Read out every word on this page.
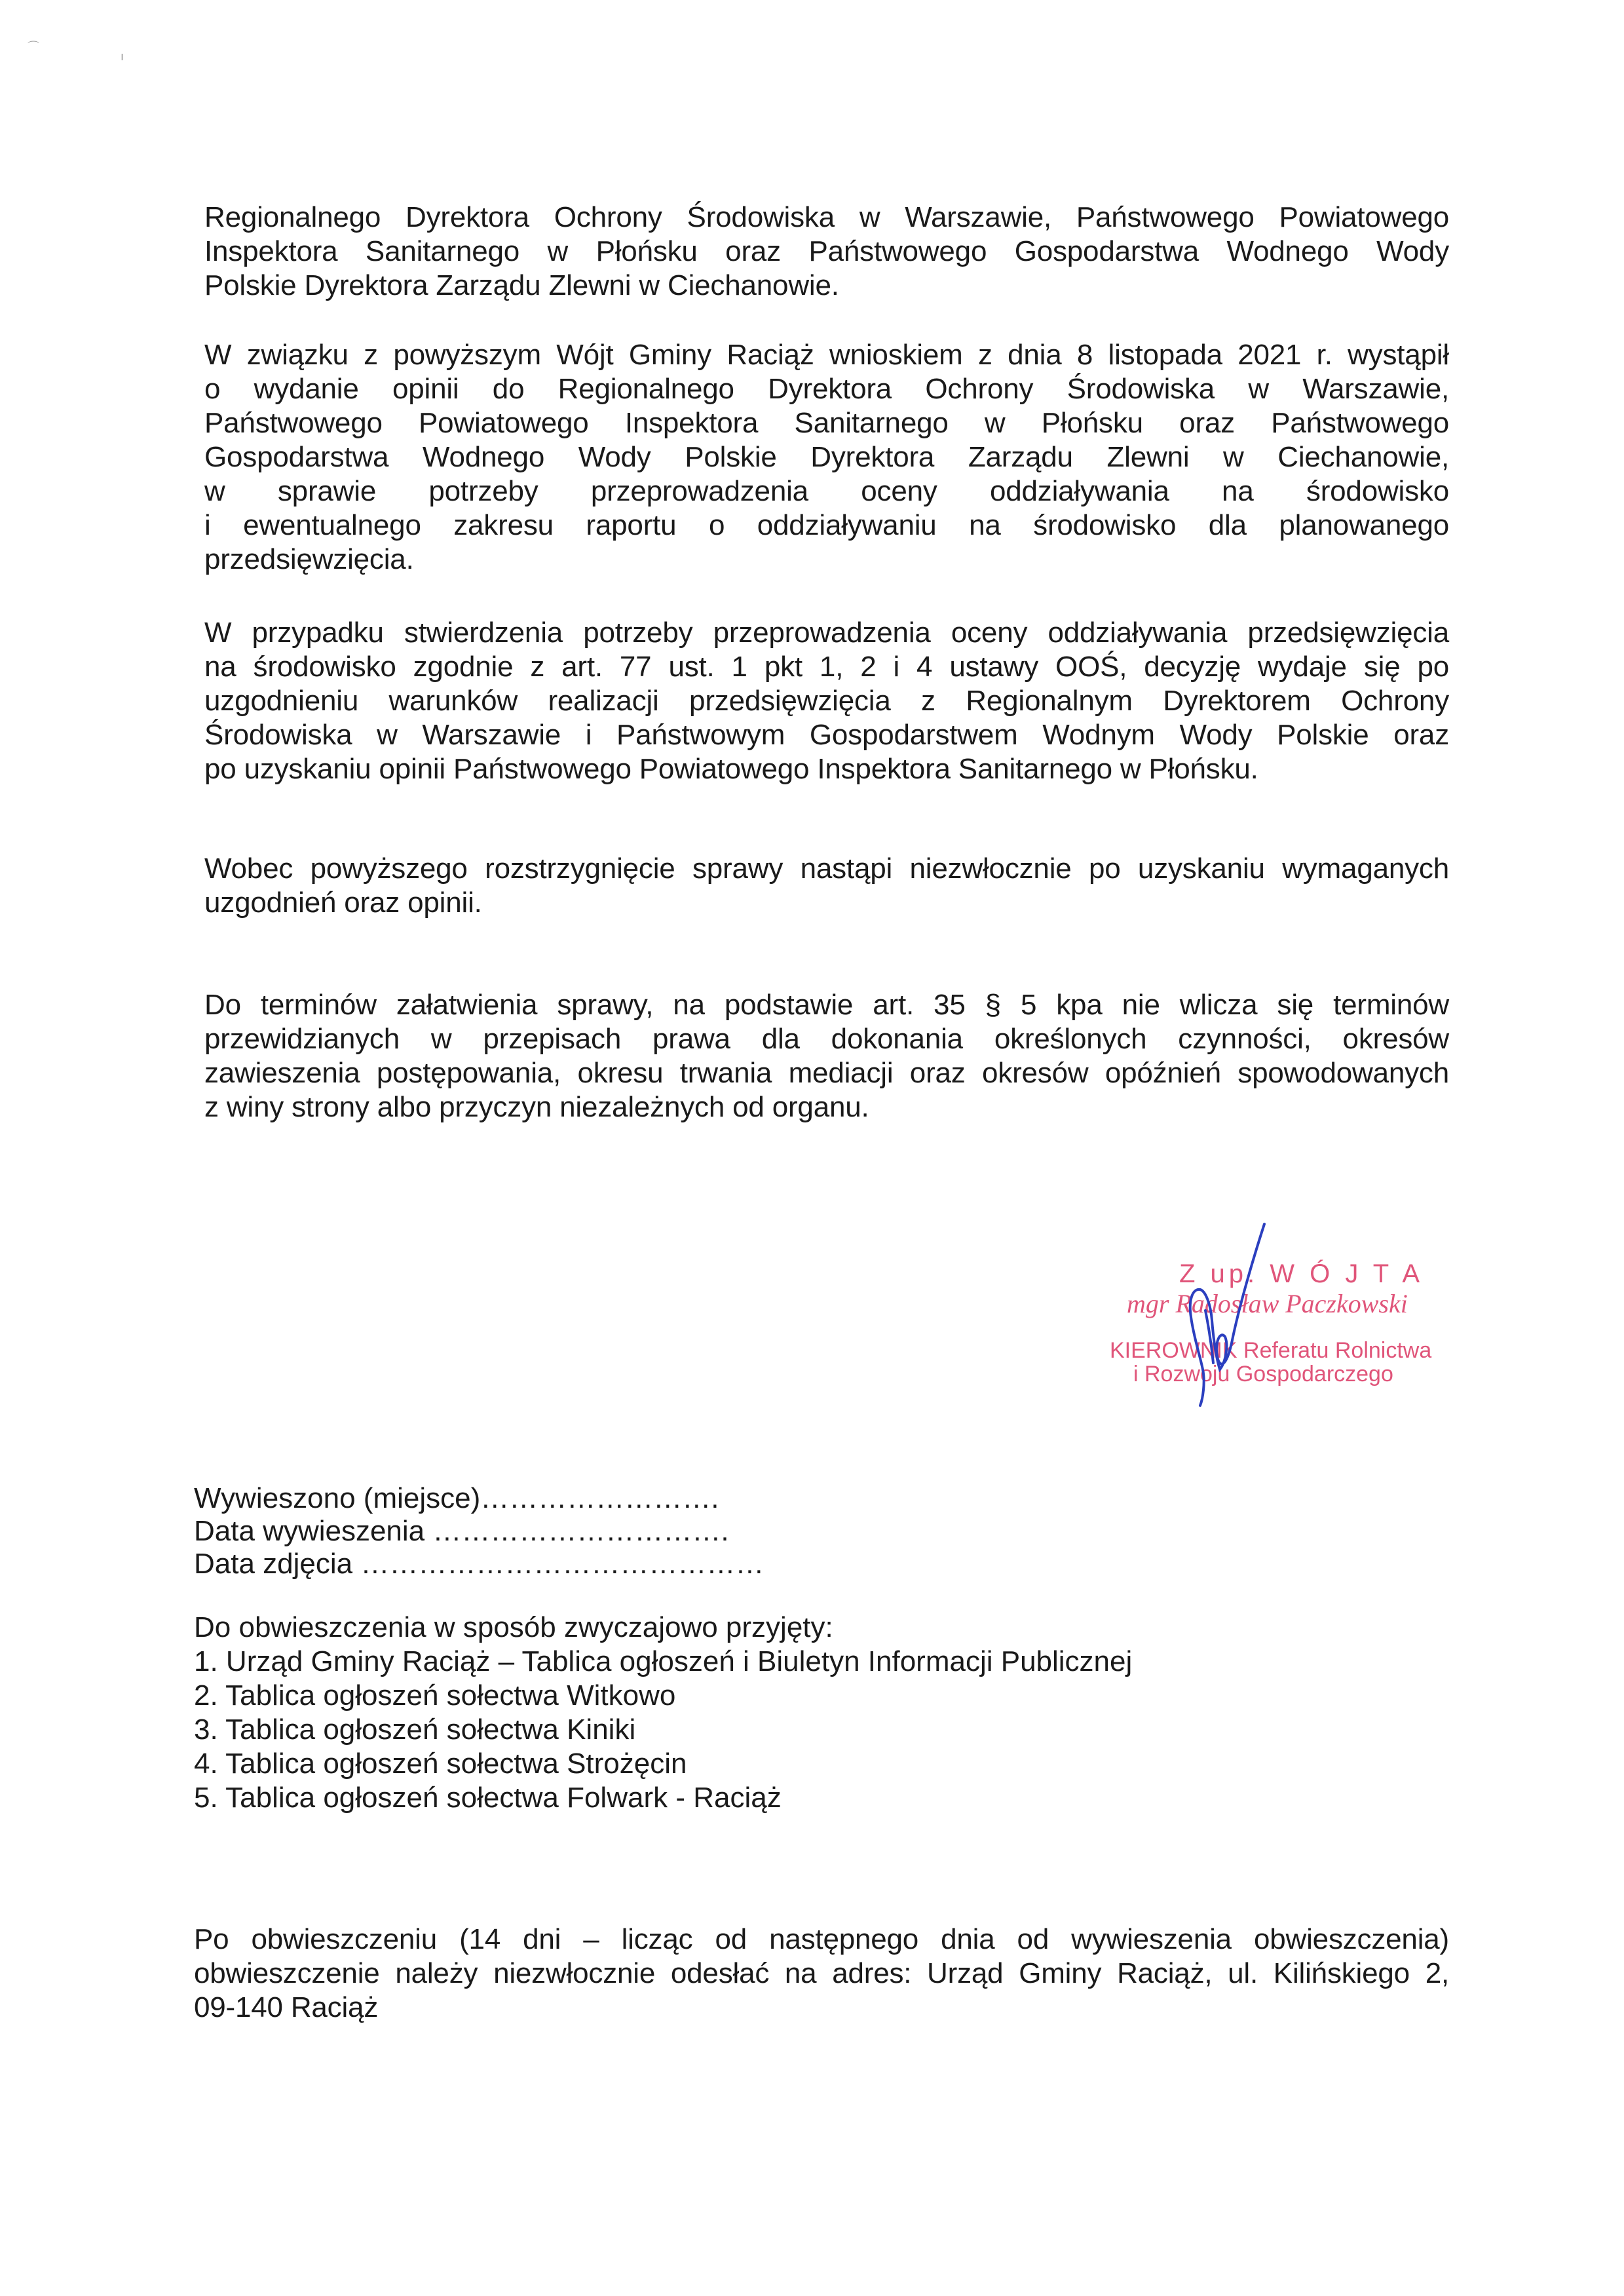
⌒
ı
Regionalnego Dyrektora Ochrony Środowiska w Warszawie, Państwowego Powiatowego
Inspektora Sanitarnego w Płońsku oraz Państwowego Gospodarstwa Wodnego Wody
Polskie Dyrektora Zarządu Zlewni w Ciechanowie.
W związku z powyższym Wójt Gminy Raciąż wnioskiem z dnia 8 listopada 2021 r. wystąpił
o wydanie opinii do Regionalnego Dyrektora Ochrony Środowiska w Warszawie,
Państwowego Powiatowego Inspektora Sanitarnego w Płońsku oraz Państwowego
Gospodarstwa Wodnego Wody Polskie Dyrektora Zarządu Zlewni w Ciechanowie,
w sprawie potrzeby przeprowadzenia oceny oddziaływania na środowisko
i ewentualnego zakresu raportu o oddziaływaniu na środowisko dla planowanego
przedsięwzięcia.
W przypadku stwierdzenia potrzeby przeprowadzenia oceny oddziaływania przedsięwzięcia
na środowisko zgodnie z art. 77 ust. 1 pkt 1, 2 i 4 ustawy OOŚ, decyzję wydaje się po
uzgodnieniu warunków realizacji przedsięwzięcia z Regionalnym Dyrektorem Ochrony
Środowiska w Warszawie i Państwowym Gospodarstwem Wodnym Wody Polskie oraz
po uzyskaniu opinii Państwowego Powiatowego Inspektora Sanitarnego w Płońsku.
Wobec powyższego rozstrzygnięcie sprawy nastąpi niezwłocznie po uzyskaniu wymaganych
uzgodnień oraz opinii.
Do terminów załatwienia sprawy, na podstawie art. 35 § 5 kpa nie wlicza się terminów
przewidzianych w przepisach prawa dla dokonania określonych czynności, okresów
zawieszenia postępowania, okresu trwania mediacji oraz okresów opóźnień spowodowanych
z winy strony albo przyczyn niezależnych od organu.
Z up. W Ó J T A
mgr Radosław Paczkowski
KIEROWNIK Referatu Rolnictwa
i Rozwoju Gospodarczego
Wywieszono (miejsce)…………………….
Data wywieszenia ………………………….
Data zdjęcia ……………………………………
Do obwieszczenia w sposób zwyczajowo przyjęty:
1. Urząd Gminy Raciąż – Tablica ogłoszeń i Biuletyn Informacji Publicznej
2. Tablica ogłoszeń sołectwa Witkowo
3. Tablica ogłoszeń sołectwa Kiniki
4. Tablica ogłoszeń sołectwa Strożęcin
5. Tablica ogłoszeń sołectwa Folwark - Raciąż
Po obwieszczeniu (14 dni – licząc od następnego dnia od wywieszenia obwieszczenia)
obwieszczenie należy niezwłocznie odesłać na adres: Urząd Gminy Raciąż, ul. Kilińskiego 2,
09-140 Raciąż
